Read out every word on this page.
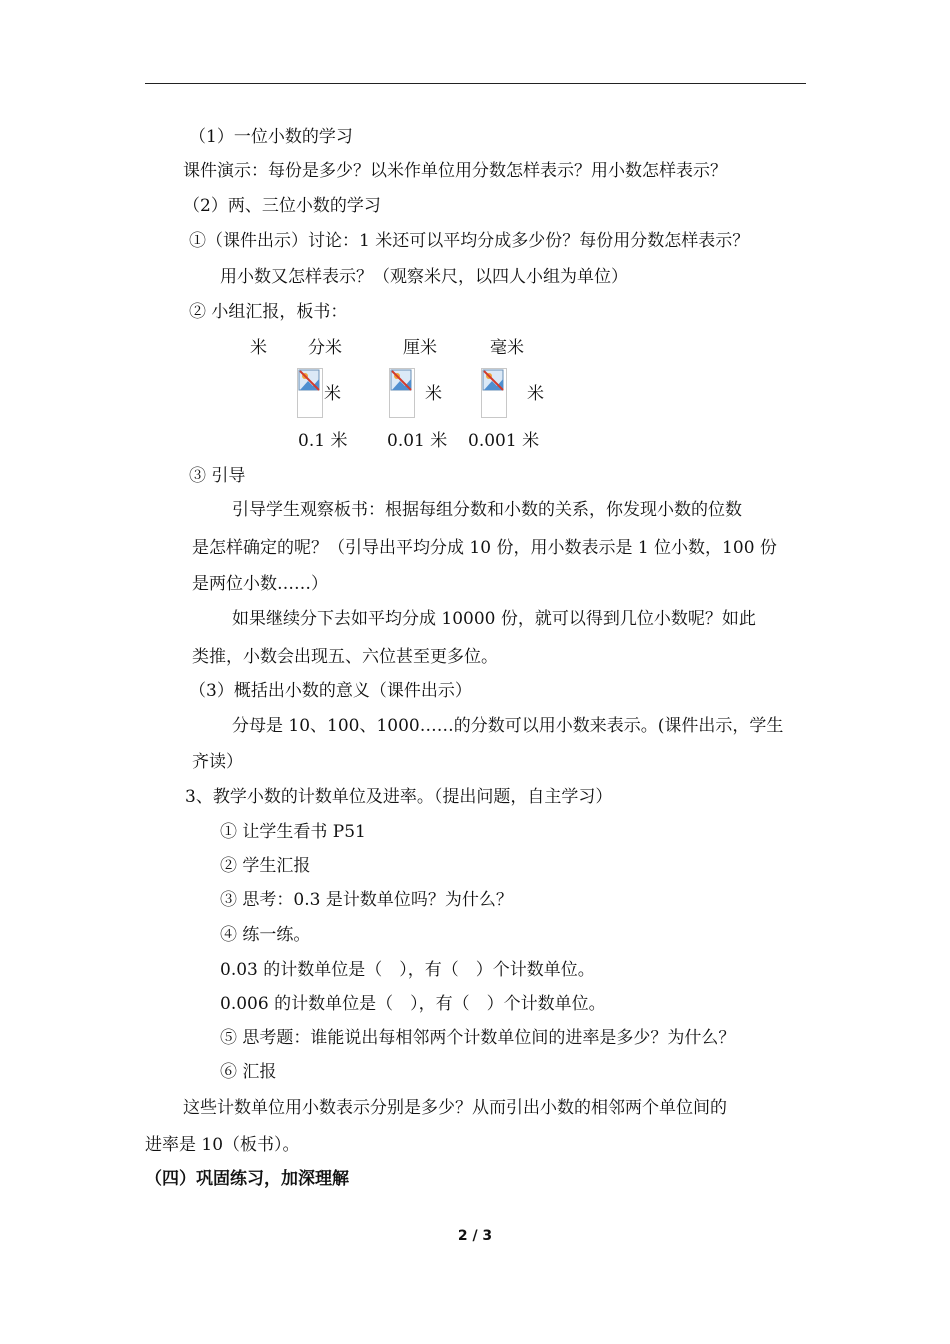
（1）一位小数的学习
课件演示：每份是多少？以米作单位用分数怎样表示？用小数怎样表示？
（2）两、三位小数的学习
①（课件出示）讨论：1 米还可以平均分成多少份？每份用分数怎样表示？
用小数又怎样表示？（观察米尺，以四人小组为单位）
② 小组汇报，板书：
米 分米	厘米	毫米
米	米	米
0.1 米 0.01 米 0.001 米
③ 引导
引导学生观察板书：根据每组分数和小数的关系，你发现小数的位数
是怎样确定的呢？（引导出平均分成 10 份，用小数表示是 1 位小数，100 份
是两位小数……）
如果继续分下去如平均分成 10000 份，就可以得到几位小数呢？如此
类推，小数会出现五、六位甚至更多位。
（3）概括出小数的意义（课件出示）
分母是 10、100、1000……的分数可以用小数来表示。(课件出示，学生
齐读）
3、教学小数的计数单位及进率。（提出问题，自主学习）
① 让学生看书 P51
② 学生汇报
③ 思考：0.3 是计数单位吗？为什么？
④ 练一练。
0.03 的计数单位是（　），有（　）个计数单位。
0.006 的计数单位是（　），有（　）个计数单位。
⑤ 思考题：谁能说出每相邻两个计数单位间的进率是多少？为什么？
⑥ 汇报
这些计数单位用小数表示分别是多少？从而引出小数的相邻两个单位间的
进率是 10（板书）。
（四）巩固练习，加深理解
2 / 3
